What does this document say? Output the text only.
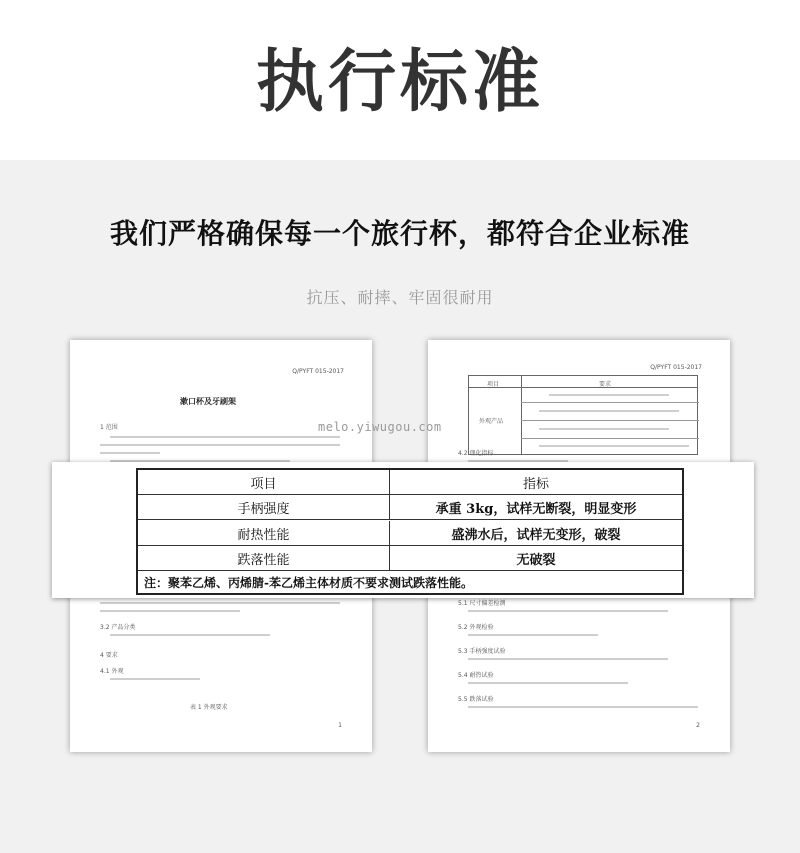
执行标准
我们严格确保每一个旅行杯，都符合企业标准
抗压、耐摔、牢固很耐用
Q/PYFT 015-2017
漱口杯及牙刷架
1 范围
3.2 产品分类
4 要求
4.1 外观
表 1 外观要求
1
Q/PYFT 015-2017
项目	要求
外观产品
4.2 理化指标
5.1 尺寸偏差检测
5.2 外观检验
5.3 手柄强度试验
5.4 耐热试验
5.5 跌落试验
2
melo.yiwugou.com
项目	指标
手柄强度	承重 3kg，试样无断裂，明显变形
耐热性能	盛沸水后，试样无变形，破裂
跌落性能	无破裂
注：聚苯乙烯、丙烯腈-苯乙烯主体材质不要求测试跌落性能。
